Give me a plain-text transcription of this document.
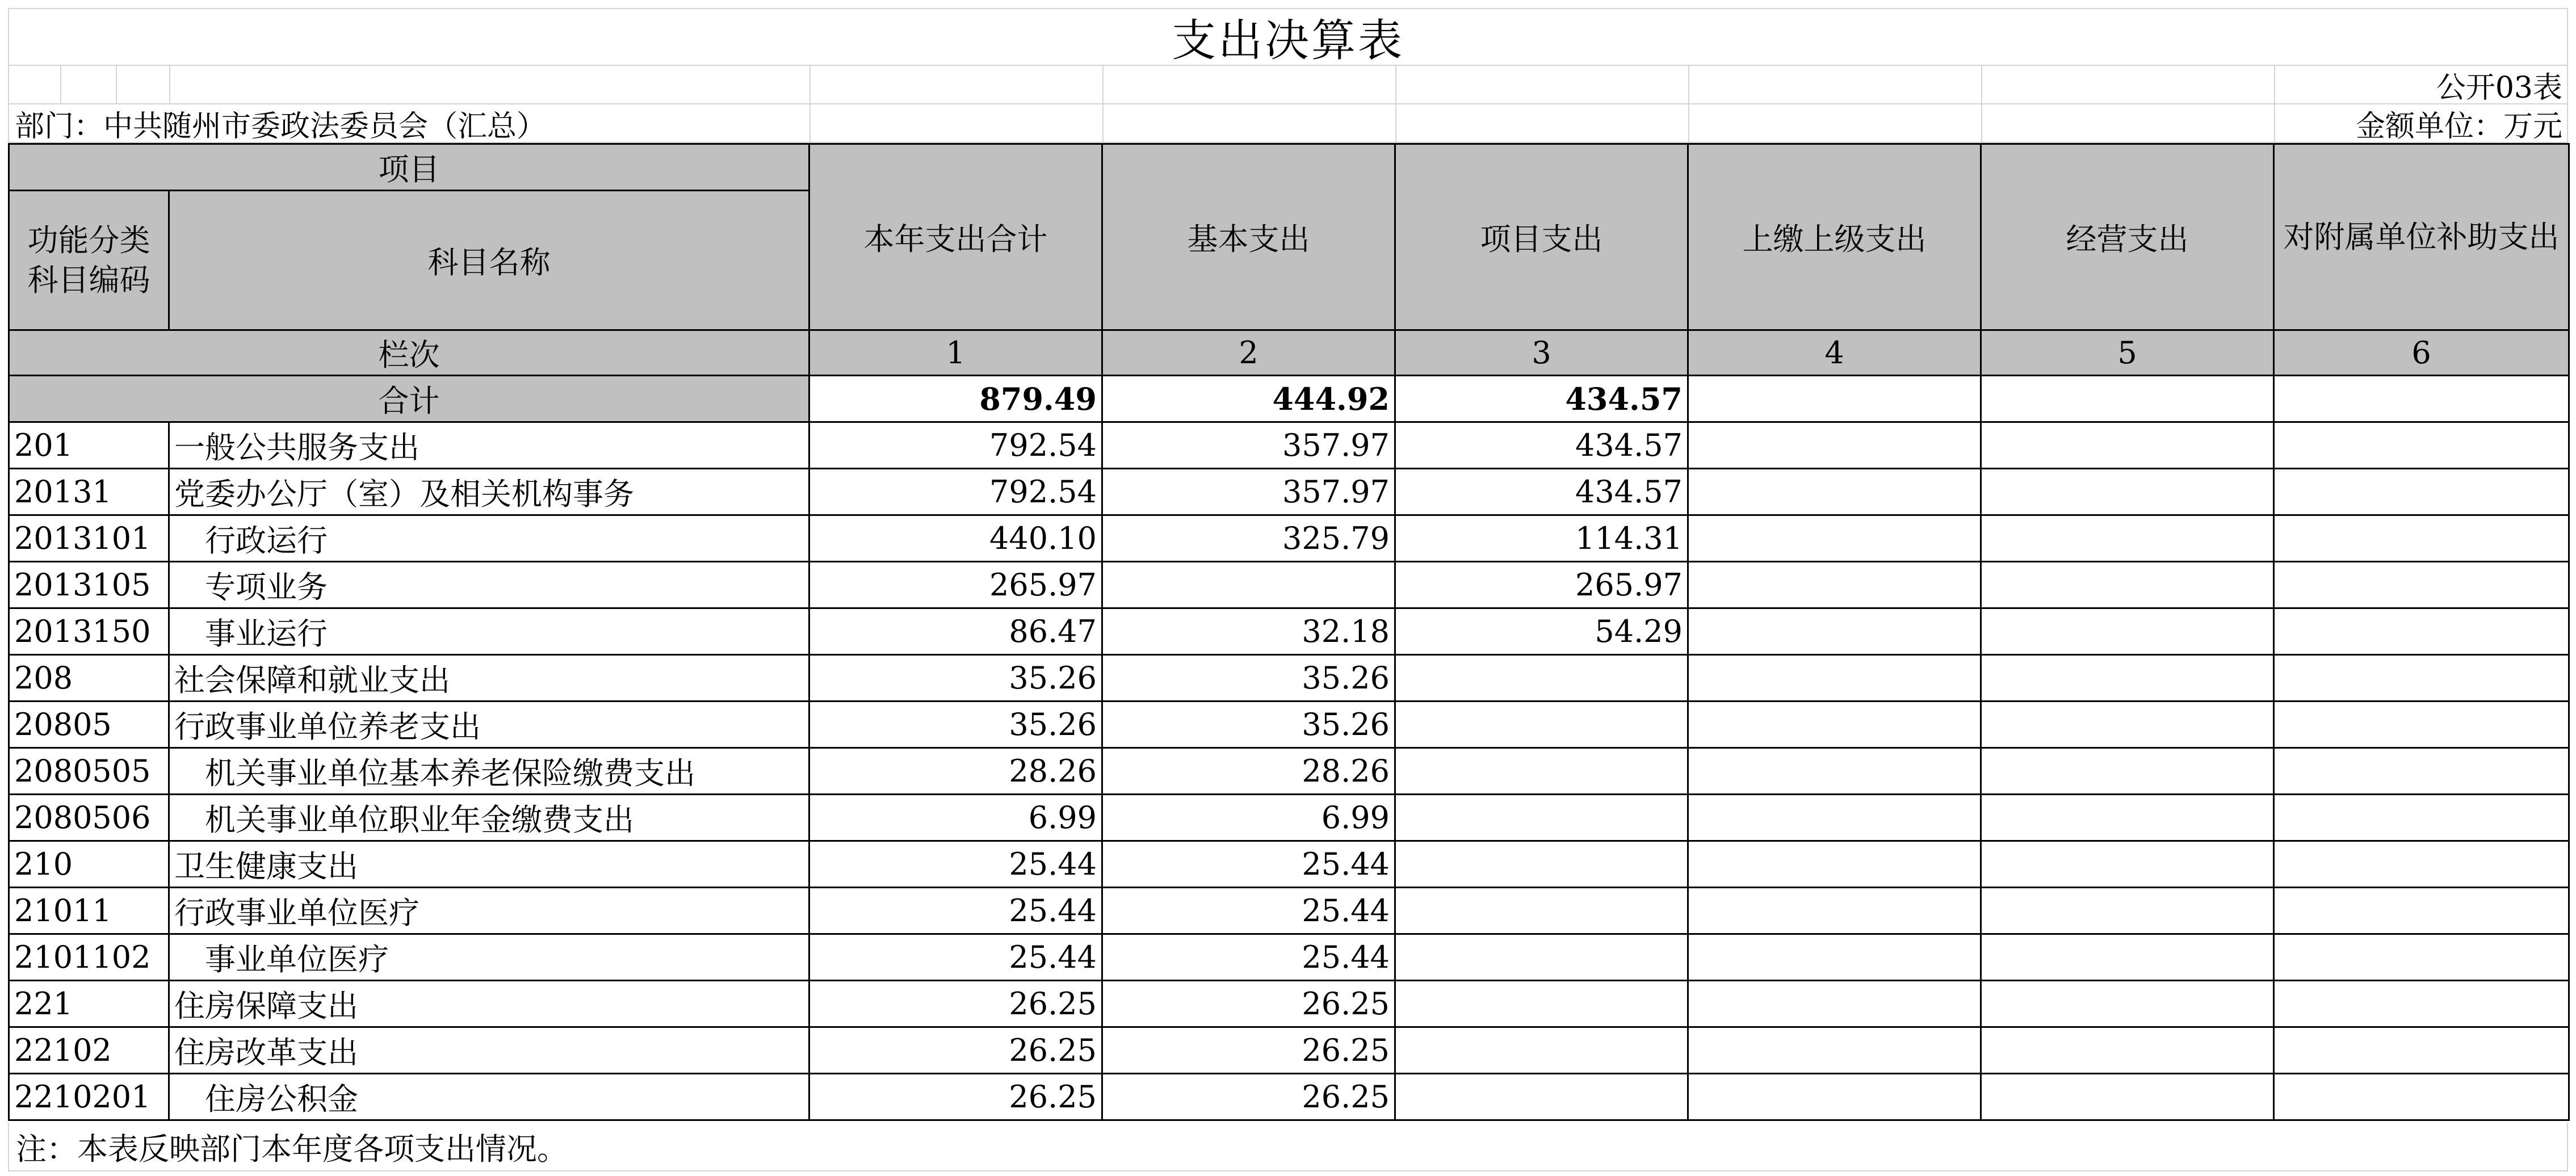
支出决算表
公开03表
部门：中共随州市委政法委员会（汇总）	金额单位：万元
项目		本年支出合计	基本支出	项目支出	上缴上级支出	经营支出	对附属单位补助支出
功能分类科目编码	科目名称						
栏次		1	2	3	4	5	6
合计		879.49	444.92	434.57			
201	一般公共服务支出	792.54	357.97	434.57			
20131	党委办公厅（室）及相关机构事务	792.54	357.97	434.57			
2013101	行政运行	440.10	325.79	114.31			
2013105	专项业务	265.97		265.97			
2013150	事业运行	86.47	32.18	54.29			
208	社会保障和就业支出	35.26	35.26				
20805	行政事业单位养老支出	35.26	35.26				
2080505	机关事业单位基本养老保险缴费支出	28.26	28.26				
2080506	机关事业单位职业年金缴费支出	6.99	6.99				
210	卫生健康支出	25.44	25.44				
21011	行政事业单位医疗	25.44	25.44				
2101102	事业单位医疗	25.44	25.44				
221	住房保障支出	26.25	26.25				
22102	住房改革支出	26.25	26.25				
2210201	住房公积金	26.25	26.25				
注：本表反映部门本年度各项支出情况。
